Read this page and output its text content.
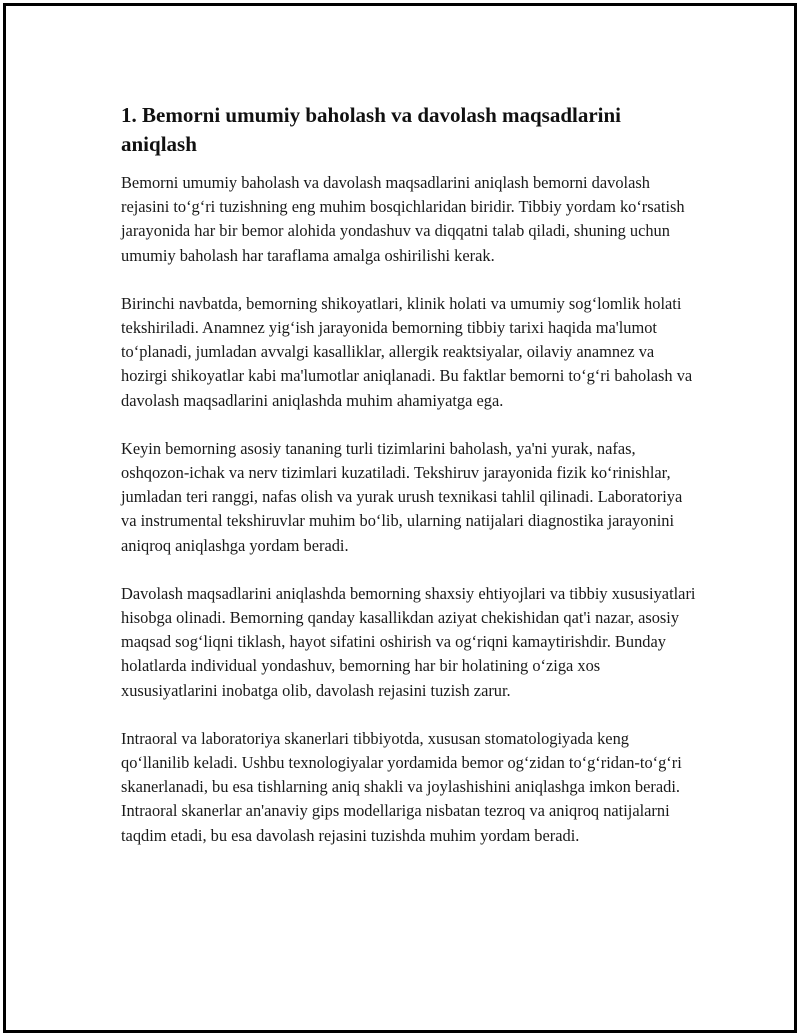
1. Bemorni umumiy baholash va davolash maqsadlarini aniqlash

Bemorni umumiy baholash va davolash maqsadlarini aniqlash bemorni davolash rejasini to‘g‘ri tuzishning eng muhim bosqichlaridan biridir. Tibbiy yordam ko‘rsatish jarayonida har bir bemor alohida yondashuv va diqqatni talab qiladi, shuning uchun umumiy baholash har taraflama amalga oshirilishi kerak.

Birinchi navbatda, bemorning shikoyatlari, klinik holati va umumiy sog‘lomlik holati tekshiriladi. Anamnez yig‘ish jarayonida bemorning tibbiy tarixi haqida ma'lumot to‘planadi, jumladan avvalgi kasalliklar, allergik reaktsiyalar, oilaviy anamnez va hozirgi shikoyatlar kabi ma'lumotlar aniqlanadi. Bu faktlar bemorni to‘g‘ri baholash va davolash maqsadlarini aniqlashda muhim ahamiyatga ega.

Keyin bemorning asosiy tananing turli tizimlarini baholash, ya'ni yurak, nafas, oshqozon-ichak va nerv tizimlari kuzatiladi. Tekshiruv jarayonida fizik ko‘rinishlar, jumladan teri ranggi, nafas olish va yurak urush texnikasi tahlil qilinadi. Laboratoriya va instrumental tekshiruvlar muhim bo‘lib, ularning natijalari diagnostika jarayonini aniqroq aniqlashga yordam beradi.

Davolash maqsadlarini aniqlashda bemorning shaxsiy ehtiyojlari va tibbiy xususiyatlari hisobga olinadi. Bemorning qanday kasallikdan aziyat chekishidan qat'i nazar, asosiy maqsad sog‘liqni tiklash, hayot sifatini oshirish va og‘riqni kamaytirishdir. Bunday holatlarda individual yondashuv, bemorning har bir holatining o‘ziga xos xususiyatlarini inobatga olib, davolash rejasini tuzish zarur.

Intraoral va laboratoriya skanerlari tibbiyotda, xususan stomatologiyada keng qo‘llanilib keladi. Ushbu texnologiyalar yordamida bemor og‘zidan to‘g‘ridan-to‘g‘ri skanerlanadi, bu esa tishlarning aniq shakli va joylashishini aniqlashga imkon beradi. Intraoral skanerlar an'anaviy gips modellariga nisbatan tezroq va aniqroq natijalarni taqdim etadi, bu esa davolash rejasini tuzishda muhim yordam beradi.
